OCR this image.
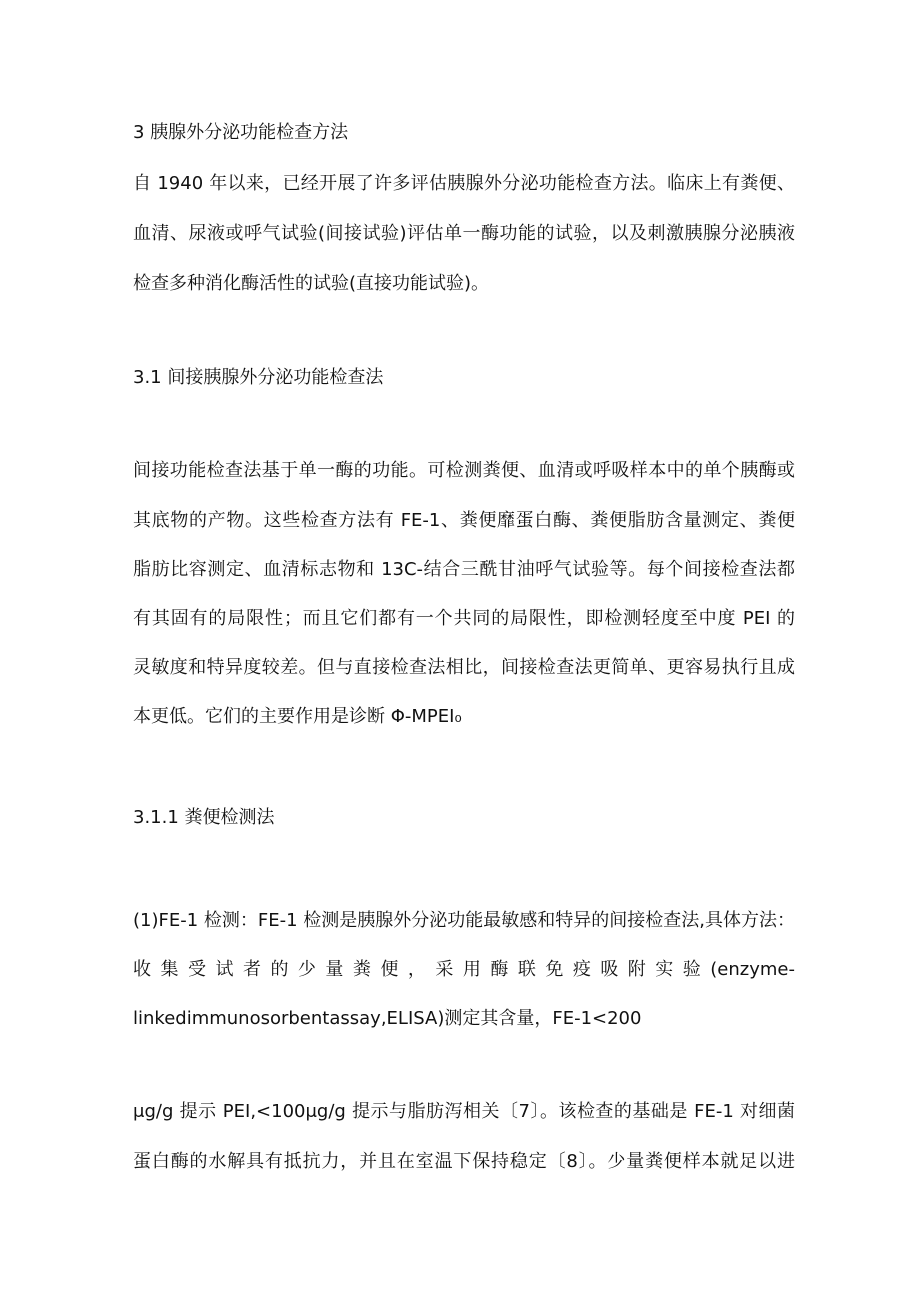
3 胰腺外分泌功能检查方法
自 1940 年以来，已经开展了许多评估胰腺外分泌功能检查方法。临床上有粪便、
血清、尿液或呼气试验(间接试验)评估单一酶功能的试验，以及刺激胰腺分泌胰液
检查多种消化酶活性的试验(直接功能试验)。
3.1 间接胰腺外分泌功能检查法
间接功能检查法基于单一酶的功能。可检测粪便、血清或呼吸样本中的单个胰酶或
其底物的产物。这些检查方法有 FE-1、粪便靡蛋白酶、粪便脂肪含量测定、粪便
脂肪比容测定、血清标志物和 13C-结合三酰甘油呼气试验等。每个间接检查法都
有其固有的局限性；而且它们都有一个共同的局限性，即检测轻度至中度 PEI 的
灵敏度和特异度较差。但与直接检查法相比，间接检查法更简单、更容易执行且成
本更低。它们的主要作用是诊断 Φ-MPEI₀
3.1.1 粪便检测法
(1)FE-1 检测：FE-1 检测是胰腺外分泌功能最敏感和特异的间接检查法,具体方法：
收集受试者的少量粪便，采用酶联免疫吸附实验(enzyme-
linkedimmunosorbentassay,ELISA)测定其含量，FE-1<200
μg∕g 提示 PEI,<100μg∕g 提示与脂肪泻相关〔7〕。该检查的基础是 FE-1 对细菌
蛋白酶的水解具有抵抗力，并且在室温下保持稳定〔8〕。少量粪便样本就足以进
